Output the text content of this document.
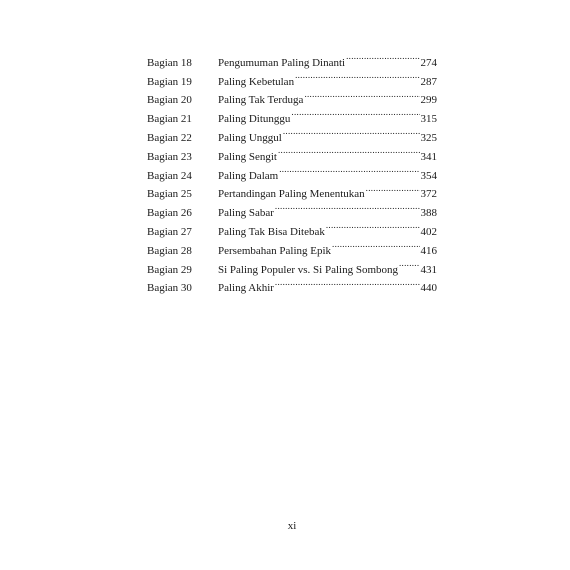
Bagian 18	Pengumuman Paling Dinanti .....	274
Bagian 19	Paling Kebetulan .....	287
Bagian 20	Paling Tak Terduga .....	299
Bagian 21	Paling Ditunggu .....	315
Bagian 22	Paling Unggul .....	325
Bagian 23	Paling Sengit .....	341
Bagian 24	Paling Dalam .....	354
Bagian 25	Pertandingan Paling Menentukan .....	372
Bagian 26	Paling Sabar .....	388
Bagian 27	Paling Tak Bisa Ditebak .....	402
Bagian 28	Persembahan Paling Epik .....	416
Bagian 29	Si Paling Populer vs. Si Paling Sombong ..... 431
Bagian 30	Paling Akhir .....	440
xi
